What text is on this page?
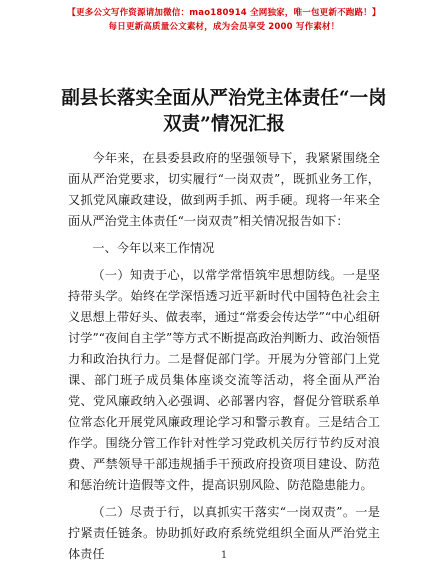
【更多公文写作资源请加微信：mao180914 全网独家，唯一包更新不跑路！】
每日更新高质量公文素材，成为会员享受 2000 写作素材！
副县长落实全面从严治党主体责任“一岗双责”情况汇报

今年来，在县委县政府的坚强领导下，我紧紧围绕全面从严治党要求，切实履行“一岗双责”，既抓业务工作，又抓党风廉政建设，做到两手抓、两手硬。现将一年来全面从严治党主体责任“一岗双责”相关情况报告如下：

一、今年以来工作情况

（一）知责于心，以常学常悟筑牢思想防线。一是坚持带头学。始终在学深悟透习近平新时代中国特色社会主义思想上带好头、做表率，通过“常委会传达学”“中心组研讨学”“夜间自主学”等方式不断提高政治判断力、政治领悟力和政治执行力。二是督促部门学。开展为分管部门上党课、部门班子成员集体座谈交流等活动，将全面从严治党、党风廉政纳入必强调、必部署内容，督促分管联系单位常态化开展党风廉政理论学习和警示教育。三是结合工作学。围绕分管工作针对性学习党政机关厉行节约反对浪费、严禁领导干部违规插手干预政府投资项目建设、防范和惩治统计造假等文件，提高识别风险、防范隐患能力。

（二）尽责于行，以真抓实干落实“一岗双责”。一是拧紧责任链条。协助抓好政府系统党组织全面从严治党主体责任	1
